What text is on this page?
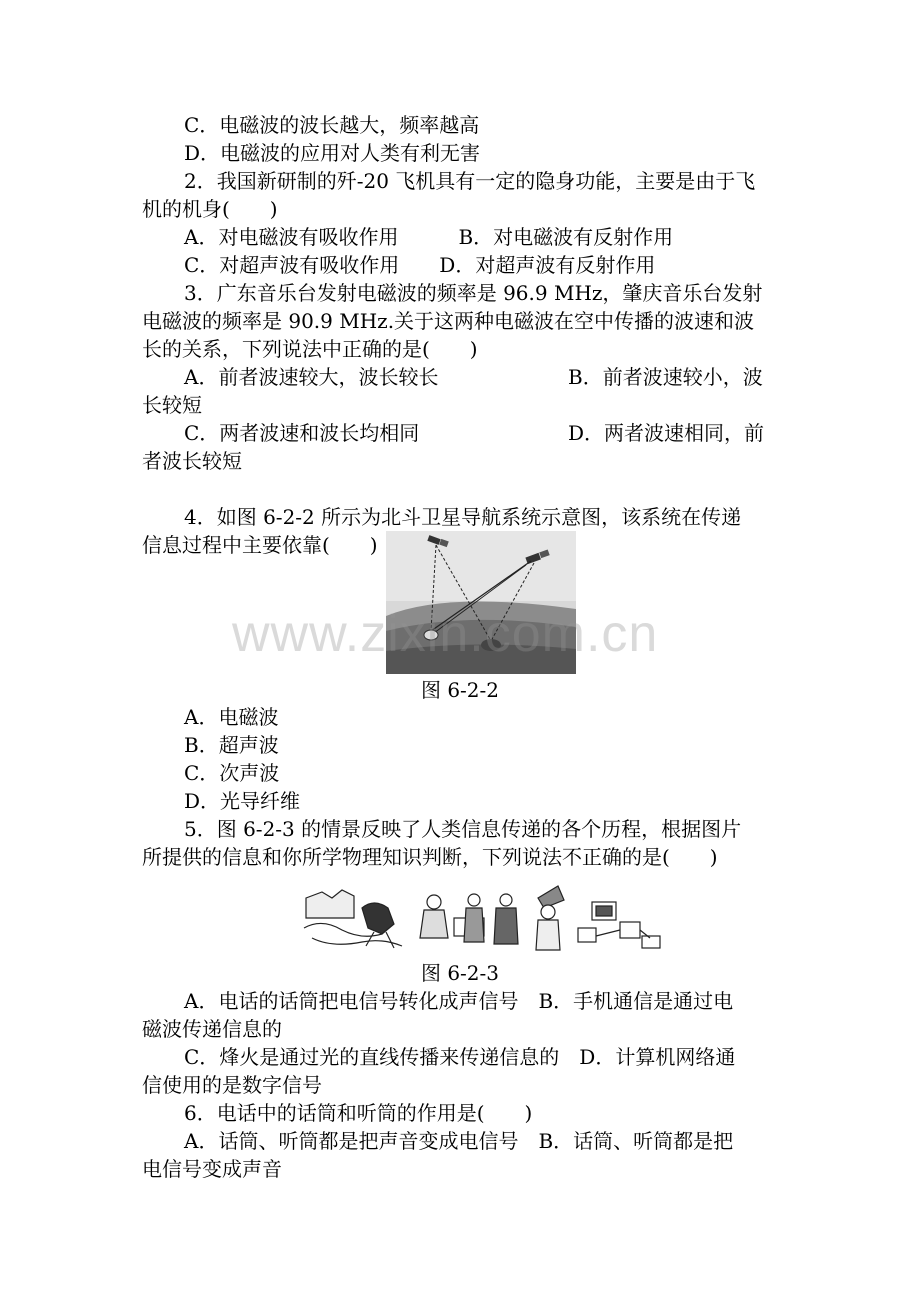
C．电磁波的波长越大，频率越高
D．电磁波的应用对人类有利无害
2．我国新研制的歼-20 飞机具有一定的隐身功能，主要是由于飞
机的机身(　　)
A．对电磁波有吸收作用　　　B．对电磁波有反射作用
C．对超声波有吸收作用　　D．对超声波有反射作用
3．广东音乐台发射电磁波的频率是 96.9 MHz，肇庆音乐台发射
电磁波的频率是 90.9 MHz.关于这两种电磁波在空中传播的波速和波
长的关系，下列说法中正确的是(　　)
A．前者波速较大，波长较长	B．前者波速较小，波
长较短
C．两者波速和波长均相同	D．两者波速相同，前
者波长较短
4．如图 6-2-2 所示为北斗卫星导航系统示意图，该系统在传递
信息过程中主要依靠(　　)
www.zixin.com.cn
图 6-2-2
A．电磁波
B．超声波
C．次声波
D．光导纤维
5．图 6-2-3 的情景反映了人类信息传递的各个历程，根据图片
所提供的信息和你所学物理知识判断，下列说法不正确的是(　　)
图 6-2-3
A．电话的话筒把电信号转化成声信号　B．手机通信是通过电
磁波传递信息的
C．烽火是通过光的直线传播来传递信息的　D．计算机网络通
信使用的是数字信号
6．电话中的话筒和听筒的作用是(　　)
A．话筒、听筒都是把声音变成电信号　B．话筒、听筒都是把
电信号变成声音
